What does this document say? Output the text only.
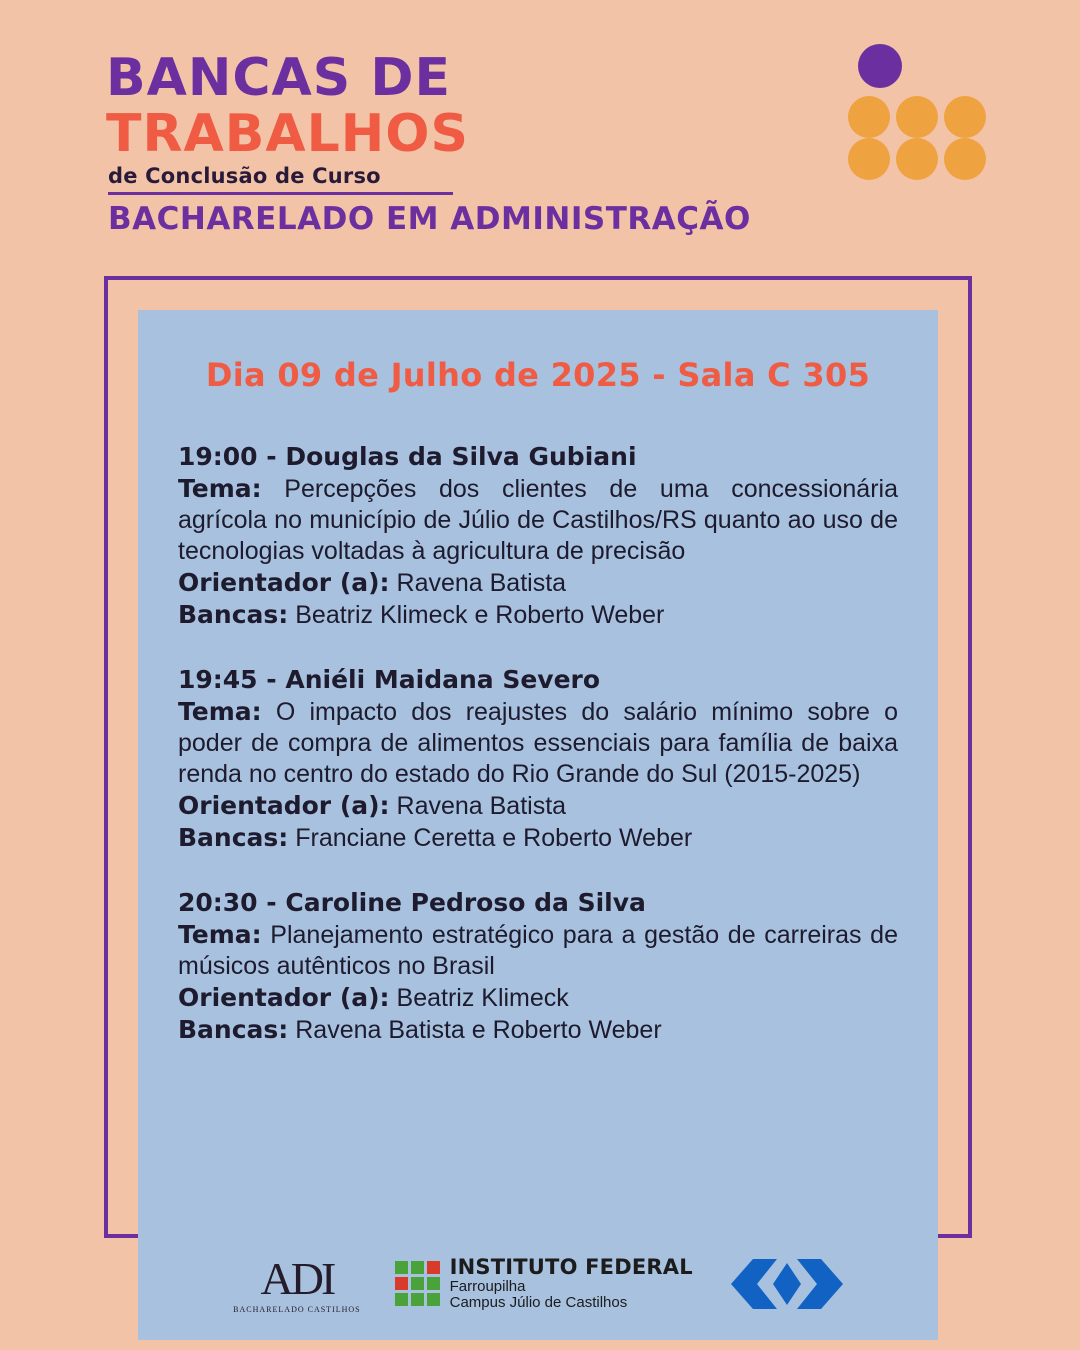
BANCAS DE
TRABALHOS
de Conclusão de Curso
BACHARELADO EM ADMINISTRAÇÃO
Dia 09 de Julho de 2025 - Sala C 305
19:00 - Douglas da Silva Gubiani
Tema: Percepções dos clientes de uma concessionária agrícola no município de Júlio de Castilhos/RS quanto ao uso de tecnologias voltadas à agricultura de precisão
Orientador (a): Ravena Batista
Bancas: Beatriz Klimeck e Roberto Weber
19:45 - Aniéli Maidana Severo
Tema: O impacto dos reajustes do salário mínimo sobre o poder de compra de alimentos essenciais para família de baixa renda no centro do estado do Rio Grande do Sul (2015-2025)
Orientador (a): Ravena Batista
Bancas: Franciane Ceretta e Roberto Weber
20:30 - Caroline Pedroso da Silva
Tema: Planejamento estratégico para a gestão de carreiras de músicos autênticos no Brasil
Orientador (a): Beatriz Klimeck
Bancas: Ravena Batista e Roberto Weber
ADI
BACHARELADO CASTILHOS
INSTITUTO FEDERAL
Farroupilha
Campus Júlio de Castilhos
